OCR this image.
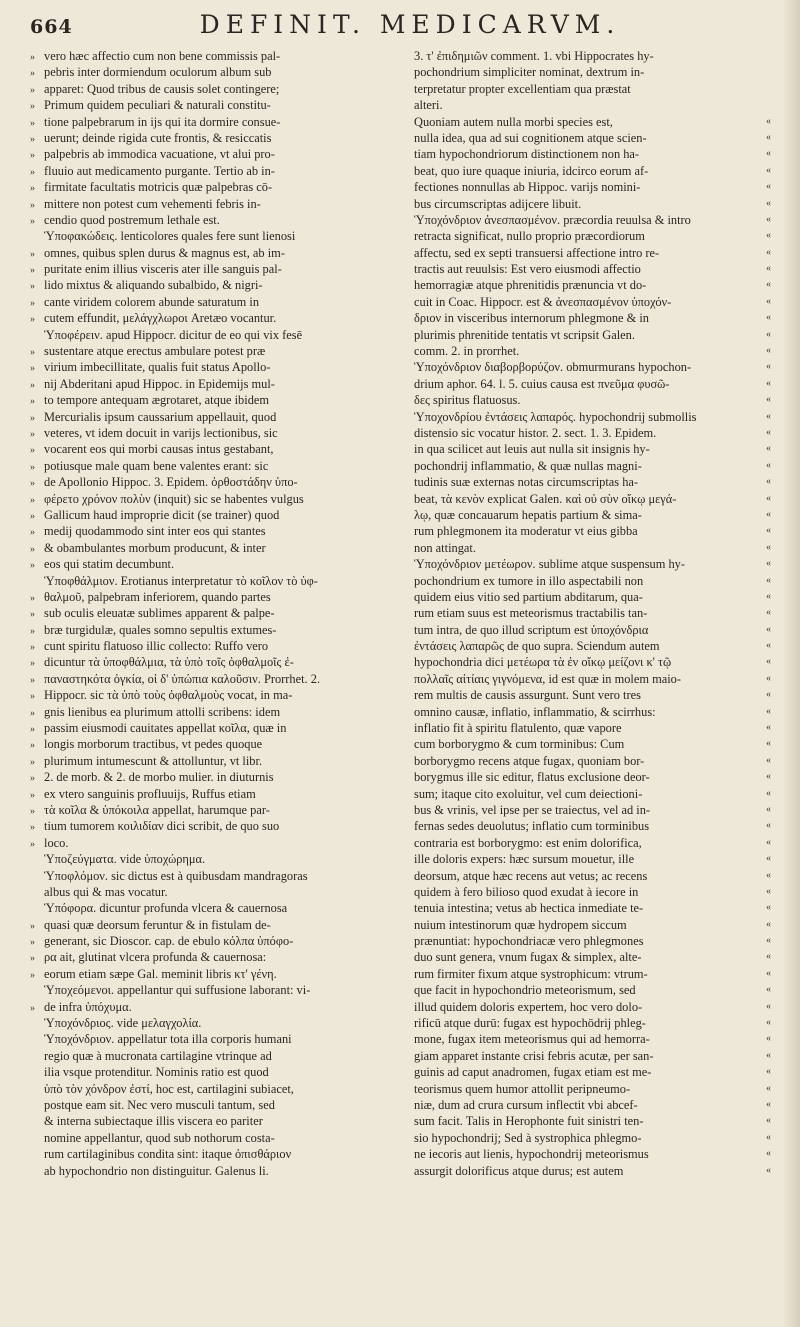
664	DEFINIT. MEDICARVM.
» vero hæc affectio cum non bene commissis pal-
» pebris inter dormiendum oculorum album sub
» apparet: Quod tribus de causis solet contingere;
» Primum quidem peculiari & naturali constitu-
» tione palpebrarum in ijs qui ita dormire consue-
» uerunt; deinde rigida cute frontis, & resiccatis
» palpebris ab immodica vacuatione, vt alui pro-
» fluuio aut medicamento purgante. Tertio ab in-
» firmitate facultatis motricis quæ palpebras cō-
» mittere non potest cum vehementi febris in-
» cendio quod postremum lethale est.
Ὑποφακώδεις. lenticolores quales fere sunt lienosi
» omnes, quibus splen durus & magnus est, ab im-
» puritate enim illius visceris ater ille sanguis pal-
» lido mixtus & aliquando subalbido, & nigri-
» cante viridem colorem abunde saturatum in
» cutem effundit, μελάγχλωροι Aretæo vocantur.
Ὑποφέρειν. apud Hippocr. dicitur de eo qui vix fesē
» sustentare atque erectus ambulare potest præ
» virium imbecillitate, qualis fuit status Apollo-
» nij Abderitani apud Hippoc. in Epidemijs mul-
» to tempore antequam ægrotaret, atque ibidem
» Mercurialis ipsum caussarium appellauit, quod
» veteres, vt idem docuit in varijs lectionibus, sic
» vocarent eos qui morbi causas intus gestabant,
» potiusque male quam bene valentes erant: sic
» de Apollonio Hippoc. 3. Epidem. ὀρθοστάδην ὑπο-
» φέρετο χρόνον πολὺν (inquit) sic se habentes vulgus
» Gallicum haud improprie dicit (se trainer) quod
» medij quodammodo sint inter eos qui stantes
» & obambulantes morbum producunt, & inter
» eos qui statim decumbunt.
Ὑποφθάλμιον. Erotianus interpretatur τὸ κοῖλον τὸ ὑφ-
» θαλμοῦ, palpebram inferiorem, quando partes
» sub oculis eleuatæ sublimes apparent & palpe-
» bræ turgidulæ, quales somno sepultis extumes-
» cunt spiritu flatuoso illic collecto: Ruffo vero
» dicuntur τὰ ὑποφθάλμια, τὰ ὑπὸ τοῖς ὀφθαλμοῖς ἐ-
» παναστηκότα ὀγκία, οἱ δ' ὑπώπια καλοῦσιν. Prorrhet. 2.
» Hippocr. sic τὰ ὑπὸ τοὺς ὀφθαλμοὺς vocat, in ma-
» gnis lienibus ea plurimum attolli scribens: idem
» passim eiusmodi cauitates appellat κοῖλα, quæ in
» longis morborum tractibus, vt pedes quoque
» plurimum intumescunt & attolluntur, vt libr.
» 2. de morb. & 2. de morbo mulier. in diuturnis
» ex vtero sanguinis profluuijs, Ruffus etiam
» τὰ κοῖλα & ὑπόκοιλα appellat, harumque par-
» tium tumorem κοιλιδίαν dici scribit, de quo suo
» loco.
Ὑποζεύγματα. vide ὑποχώρημα.
Ὑποφλόμον. sic dictus est à quibusdam mandragoras
albus qui & mas vocatur.
Ὑπόφορα. dicuntur profunda vlcera & cauernosa
» quasi quæ deorsum feruntur & in fistulam de-
» generant, sic Dioscor. cap. de ebulo κόλπα ὑπόφο-
» ρα ait, glutinat vlcera profunda & cauernosa:
» eorum etiam sæpe Gal. meminit libris κτ' γένη.
Ὑποχεόμενοι. appellantur qui suffusione laborant: vi-
» de infra ὑπόχυμα.
Ὑποχόνδριος. vide μελαγχολία.
Ὑποχόνδριον. appellatur tota illa corporis humani
regio quæ à mucronata cartilagine vtrinque ad
ilia vsque protenditur. Nominis ratio est quod
ὑπὸ τὸν χόνδρον ἐστί, hoc est, cartilagini subiacet,
postque eam sit. Nec vero musculi tantum, sed
& interna subiectaque illis viscera eo pariter
nomine appellantur, quod sub nothorum costa-
rum cartilaginibus condita sint: itaque ὀπισθάριον
ab hypochondrio non distinguitur. Galenus li.
3. τ' ἐπιδημιῶν comment. 1. vbi Hippocrates hy-
pochondrium simpliciter nominat, dextrum in-
terpretatur propter excellentiam qua præstat
alteri.
Quoniam autem nulla morbi species est,
nulla idea, qua ad sui cognitionem atque scien-
tiam hypochondriorum distinctionem non ha-
beat, quo iure quaque iniuria, idcirco eorum af-
fectiones nonnullas ab Hippoc. varijs nomini-
bus circumscriptas adijcere libuit.
Ὑποχόνδριον ἀνεσπασμένον. præcordia reuulsa & intro
retracta significat, nullo proprio præcordiorum
affectu, sed ex septi transuersi affectione intro re-
tractis aut reuulsis: Est vero eiusmodi affectio
hemorragiæ atque phrenitidis prænuncia vt do-
cuit in Coac. Hippocr. est & ἀνεσπασμένον ὑποχόν-
δριον in visceribus internorum phlegmone & in
plurimis phrenitide tentatis vt scripsit Galen.
comm. 2. in prorrhet.
Ὑποχόνδριον διαβορβορύζον. obmurmurans hypochon-
drium aphor. 64. l. 5. cuius causa est πνεῦμα φυσῶ-
δες spiritus flatuosus.
Ὑποχονδρίου ἐντάσεις λαπαρός. hypochondrij submollis
distensio sic vocatur histor. 2. sect. 1. 3. Epidem.
in qua scilicet aut leuis aut nulla sit insignis hy-
pochondrij inflammatio, & quæ nullas magni-
tudinis suæ externas notas circumscriptas ha-
beat, τὰ κενὸν explicat Galen. καὶ οὐ σὺν οἴκῳ μεγά-
λῳ, quæ concauarum hepatis partium & sima-
rum phlegmonem ita moderatur vt eius gibba
non attingat.
Ὑποχόνδριον μετέωρον. sublime atque suspensum hy-
pochondrium ex tumore in illo aspectabili non
quidem eius vitio sed partium abditarum, qua-
rum etiam suus est meteorismus tractabilis tan-
tum intra, de quo illud scriptum est ὑποχόνδρια
ἐντάσεις λαπαρῶς de quo supra. Sciendum autem
hypochondria dici μετέωρα τὰ ἐν οἴκῳ μείζονι κ' τῷ
πολλαῖς αἰτίαις γιγνόμενα, id est quæ in molem maio-
rem multis de causis assurgunt. Sunt vero tres
omnino causæ, inflatio, inflammatio, & scirrhus:
inflatio fit à spiritu flatulento, quæ vapore
cum borborygmo & cum torminibus: Cum
borborygmo recens atque fugax, quoniam bor-
borygmus ille sic editur, flatus exclusione deor-
sum; itaque cito exoluitur, vel cum deiectioni-
bus & vrinis, vel ipse per se traiectus, vel ad in-
fernas sedes deuolutus; inflatio cum torminibus
contraria est borborygmo: est enim dolorifica,
ille doloris expers: hæc sursum mouetur, ille
deorsum, atque hæc recens aut vetus; ac recens
quidem à fero bilioso quod exudat à iecore in
tenuia intestina; vetus ab hectica inmediate te-
nuium intestinorum quæ hydropem siccum
prænuntiat: hypochondriacæ vero phlegmones
duo sunt genera, vnum fugax & simplex, alte-
rum firmiter fixum atque systrophicum: vtrum-
que facit in hypochondrio meteorismum, sed
illud quidem doloris expertem, hoc vero dolo-
rificū atque durū: fugax est hypochōdrij phleg-
mone, fugax item meteorismus qui ad hemorra-
giam apparet instante crisi febris acutæ, per san-
guinis ad caput anadromen, fugax etiam est me-
teorismus quem humor attollit peripneumo-
niæ, dum ad crura cursum inflectit vbi abcef-
sum facit. Talis in Herophonte fuit sinistri ten-
sio hypochondrij; Sed à systrophica phlegmo-
ne iecoris aut lienis, hypochondrij meteorismus
assurgit dolorificus atque durus; est autem
«
«
«
«
«
«
«
«
«
«
«
«
«
«
«
«
«
«
«
«
«
«
«
«
«
«
«
«
«
«
«
«
«
«
«
«
«
«
«
«
«
«
«
«
«
«
«
«
«
«
«
«
«
«
«
«
«
«
«
«
«
«
«
«
«
